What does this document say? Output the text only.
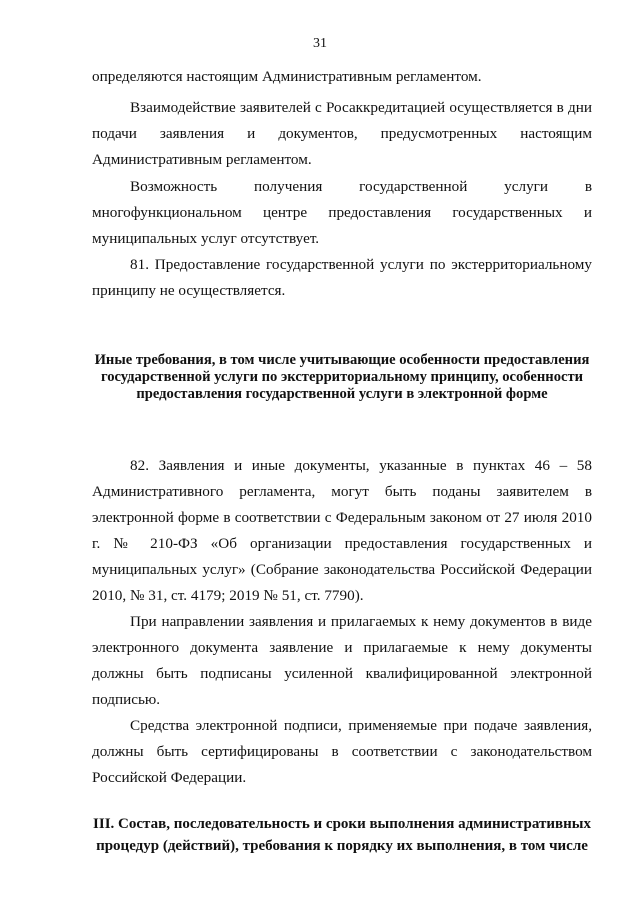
31

определяются настоящим Административным регламентом.

Взаимодействие заявителей с Росаккредитацией осуществляется в дни подачи заявления и документов, предусмотренных настоящим Административным регламентом.

Возможность получения государственной услуги в многофункциональном центре предоставления государственных и муниципальных услуг отсутствует.

81. Предоставление государственной услуги по экстерриториальному принципу не осуществляется.

Иные требования, в том числе учитывающие особенности предоставления государственной услуги по экстерриториальному принципу, особенности предоставления государственной услуги в электронной форме

82. Заявления и иные документы, указанные в пунктах 46 – 58 Административного регламента, могут быть поданы заявителем в электронной форме в соответствии с Федеральным законом от 27 июля 2010 г. № 210-ФЗ «Об организации предоставления государственных и муниципальных услуг» (Собрание законодательства Российской Федерации 2010, № 31, ст. 4179; 2019 № 51, ст. 7790).

При направлении заявления и прилагаемых к нему документов в виде электронного документа заявление и прилагаемые к нему документы должны быть подписаны усиленной квалифицированной электронной подписью.

Средства электронной подписи, применяемые при подаче заявления, должны быть сертифицированы в соответствии с законодательством Российской Федерации.

III. Состав, последовательность и сроки выполнения административных процедур (действий), требования к порядку их выполнения, в том числе
